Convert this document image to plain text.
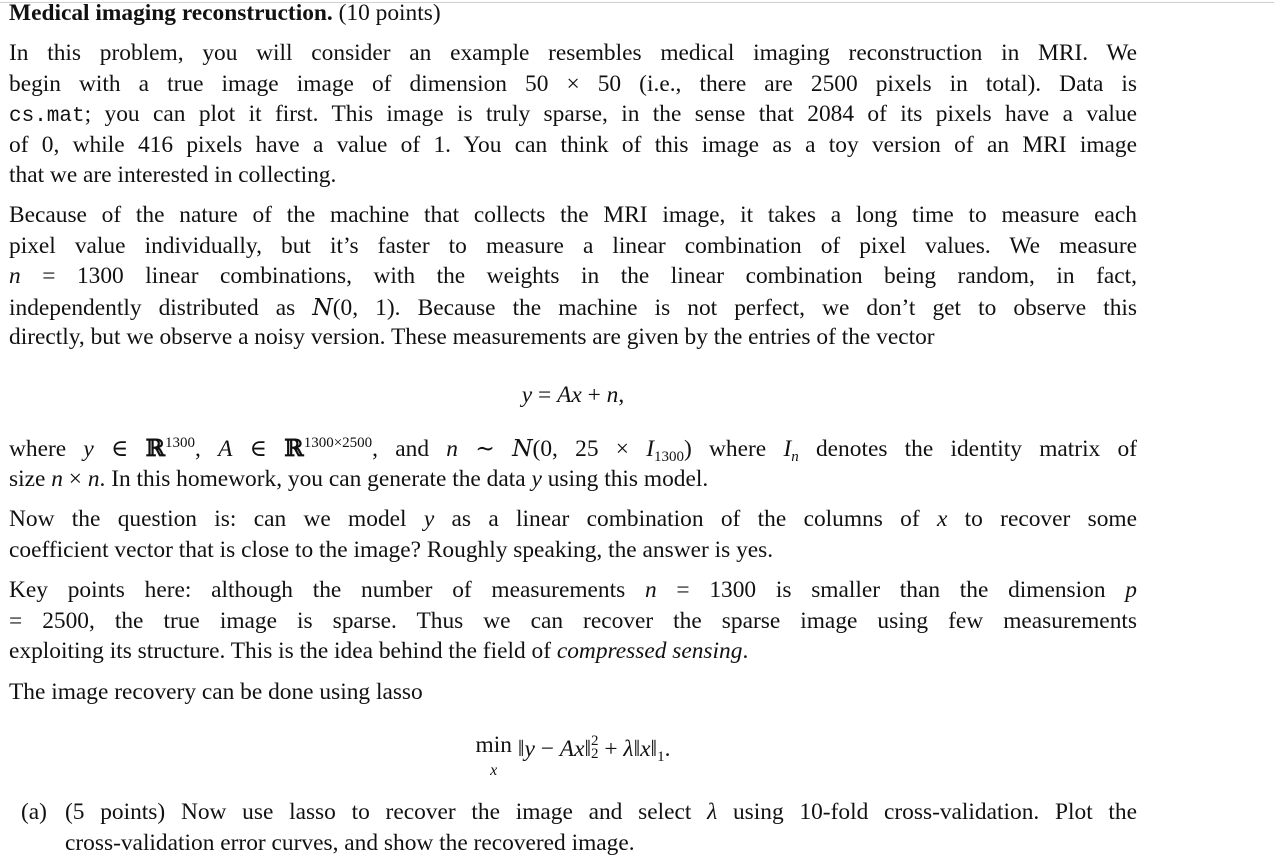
Medical imaging reconstruction. (10 points)
In this problem, you will consider an example resembles medical imaging reconstruction in MRI. We
begin with a true image image of dimension 50 × 50 (i.e., there are 2500 pixels in total). Data is
cs.mat; you can plot it first. This image is truly sparse, in the sense that 2084 of its pixels have a value
of 0, while 416 pixels have a value of 1. You can think of this image as a toy version of an MRI image
that we are interested in collecting.
Because of the nature of the machine that collects the MRI image, it takes a long time to measure each
pixel value individually, but it’s faster to measure a linear combination of pixel values. We measure
n = 1300 linear combinations, with the weights in the linear combination being random, in fact,
independently distributed as N(0, 1). Because the machine is not perfect, we don’t get to observe this
directly, but we observe a noisy version. These measurements are given by the entries of the vector
y = Ax + n,
where y ∈ ℝ$^{1300}$, A ∈ ℝ$^{1300\times 2500}$, and n ∼ N(0, $25 \times I_{1300}$) where $I_n$ denotes the identity matrix of
size n × n. In this homework, you can generate the data y using this model.
Now the question is: can we model y as a linear combination of the columns of x to recover some
coefficient vector that is close to the image? Roughly speaking, the answer is yes.
Key points here: although the number of measurements n = 1300 is smaller than the dimension p
= 2500, the true image is sparse. Thus we can recover the sparse image using few measurements
exploiting its structure. This is the idea behind the field of compressed sensing.
The image recovery can be done using lasso
min
x
‖y − Ax‖ 2
$2 + \lambda‖x‖_1$.
(a) (5 points) Now use lasso to recover the image and select λ using 10-fold cross-validation. Plot the
cross-validation error curves, and show the recovered image.
